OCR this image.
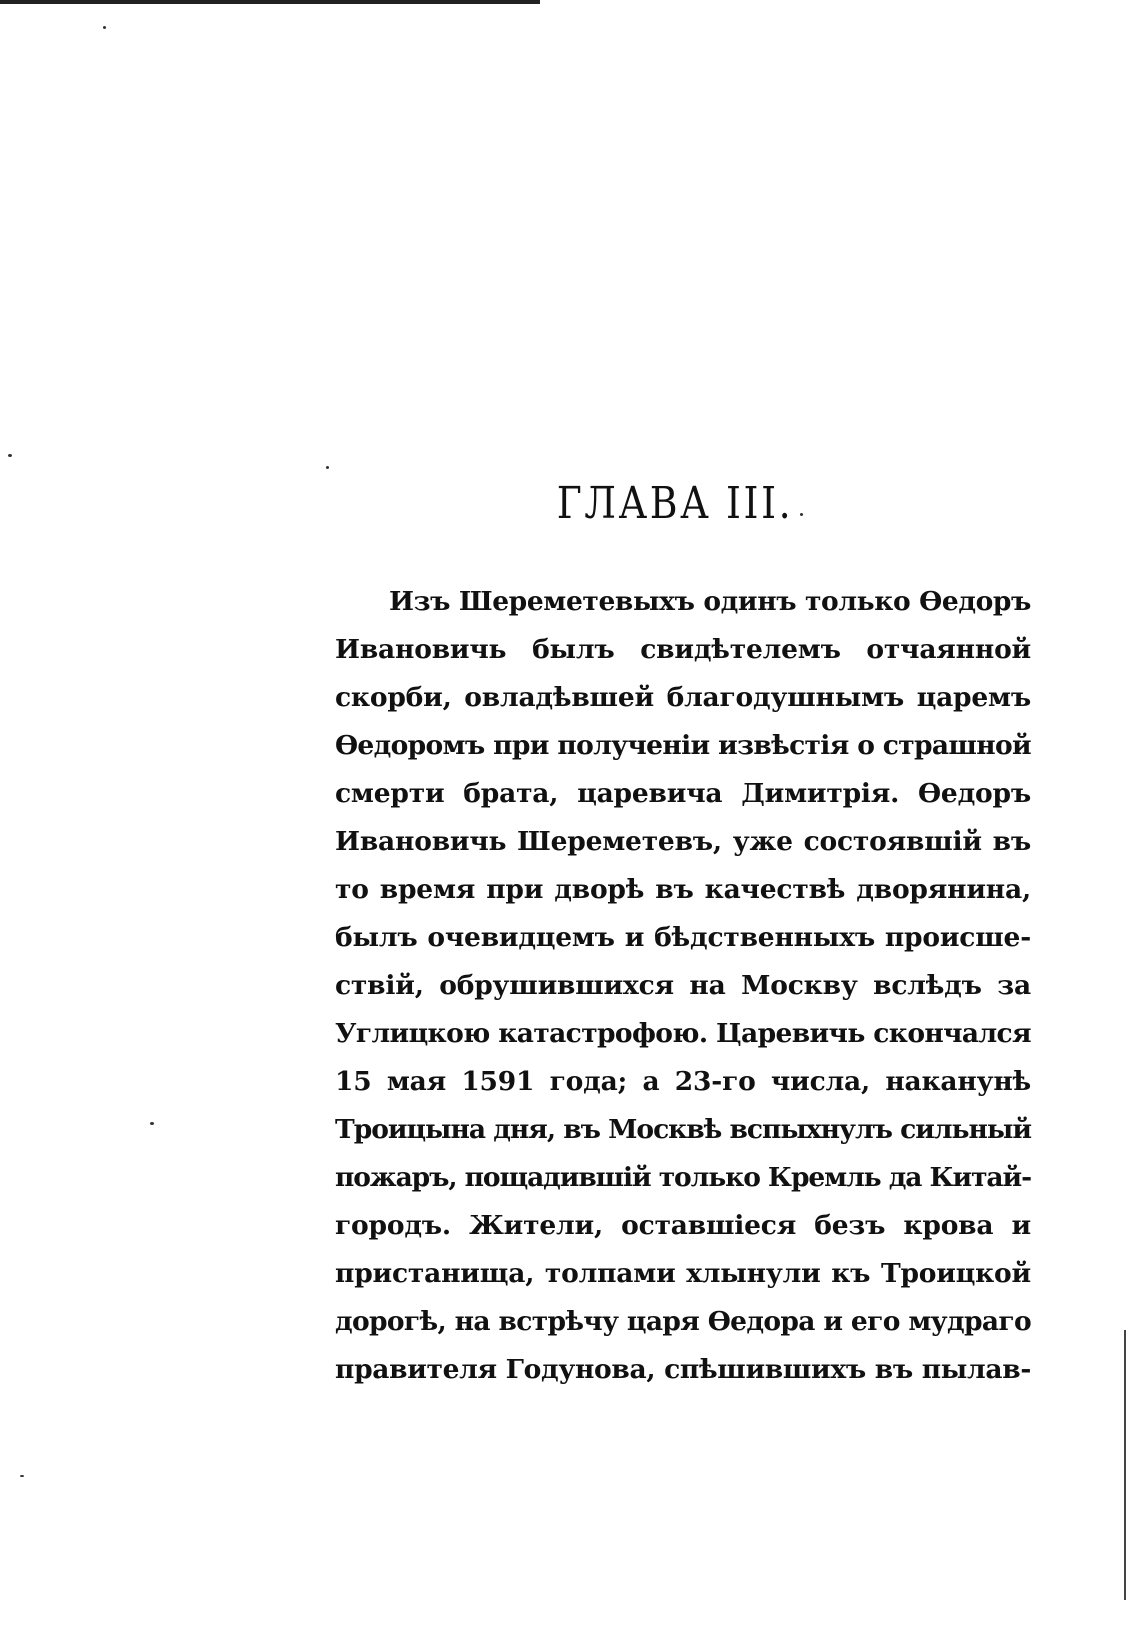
ГЛАВА III.
Изъ Шереметевыхъ одинъ только Өедоръ
Ивановичь былъ свидѣтелемъ отчаянной
скорби, овладѣвшей благодушнымъ царемъ
Өедоромъ при полученіи извѣстія о страшной
смерти брата, царевича Димитрія. Өедоръ
Ивановичь Шереметевъ, уже состоявшій въ
то время при дворѣ въ качествѣ дворянина,
былъ очевидцемъ и бѣдственныхъ происше-
ствій, обрушившихся на Москву вслѣдъ за
Углицкою катастрофою. Царевичь скончался
15 мая 1591 года; а 23-го числа, наканунѣ
Троицына дня, въ Москвѣ вспыхнулъ сильный
пожаръ, пощадившій только Кремль да Китай-
городъ. Жители, оставшіеся безъ крова и
пристанища, толпами хлынули къ Троицкой
дорогѣ, на встрѣчу царя Өедора и его мудраго
правителя Годунова, спѣшившихъ въ пылав-
